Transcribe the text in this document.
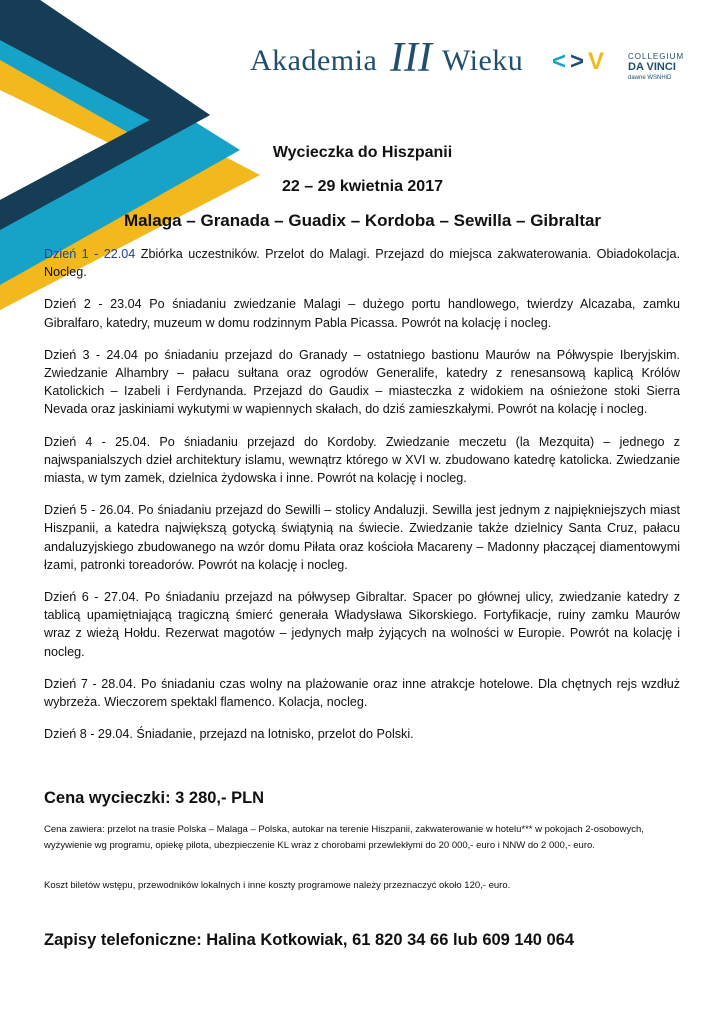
Akademia III Wieku <>V COLLEGIUM
DA VINCI
dawne WSNHiD
Wycieczka do Hiszpanii
22 – 29 kwietnia 2017
Malaga – Granada – Guadix – Kordoba – Sewilla – Gibraltar

Dzień 1 - 22.04 Zbiórka uczestników. Przelot do Malagi. Przejazd do miejsca zakwaterowania. Obiadokolacja. Nocleg.

Dzień 2 - 23.04 Po śniadaniu zwiedzanie Malagi – dużego portu handlowego, twierdzy Alcazaba, zamku Gibralfaro, katedry, muzeum w domu rodzinnym Pabla Picassa. Powrót na kolację i nocleg.

Dzień 3 - 24.04 po śniadaniu przejazd do Granady – ostatniego bastionu Maurów na Półwyspie Iberyjskim. Zwiedzanie Alhambry – pałacu sułtana oraz ogrodów Generalife, katedry z renesansową kaplicą Królów Katolickich – Izabeli i Ferdynanda. Przejazd do Gaudix – miasteczka z widokiem na ośnieżone stoki Sierra Nevada oraz jaskiniami wykutymi w wapiennych skałach, do dziś zamieszkałymi. Powrót na kolację i nocleg.

Dzień 4 - 25.04. Po śniadaniu przejazd do Kordoby. Zwiedzanie meczetu (la Mezquita) – jednego z najwspanialszych dzieł architektury islamu, wewnątrz którego w XVI w. zbudowano katedrę katolicka. Zwiedzanie miasta, w tym zamek, dzielnica żydowska i inne. Powrót na kolację i nocleg.

Dzień 5 - 26.04. Po śniadaniu przejazd do Sewilli – stolicy Andaluzji. Sewilla jest jednym z najpiękniejszych miast Hiszpanii, a katedra największą gotycką świątynią na świecie. Zwiedzanie także dzielnicy Santa Cruz, pałacu andaluzyjskiego zbudowanego na wzór domu Piłata oraz kościoła Macareny – Madonny płaczącej diamentowymi łzami, patronki toreadorów. Powrót na kolację i nocleg.

Dzień 6 - 27.04. Po śniadaniu przejazd na półwysep Gibraltar. Spacer po głównej ulicy, zwiedzanie katedry z tablicą upamiętniającą tragiczną śmierć generała Władysława Sikorskiego. Fortyfikacje, ruiny zamku Maurów wraz z wieżą Hołdu. Rezerwat magotów – jedynych małp żyjących na wolności w Europie. Powrót na kolację i nocleg.

Dzień 7 - 28.04. Po śniadaniu czas wolny na plażowanie oraz inne atrakcje hotelowe. Dla chętnych rejs wzdłuż wybrzeża. Wieczorem spektakl flamenco. Kolacja, nocleg.

Dzień 8 - 29.04. Śniadanie, przejazd na lotnisko, przelot do Polski.

Cena wycieczki: 3 280,- PLN
Cena zawiera: przelot na trasie Polska – Malaga – Polska, autokar na terenie Hiszpanii, zakwaterowanie w hotelu*** w pokojach 2-osobowych, wyżywienie wg programu, opiekę pilota, ubezpieczenie KL wraz z chorobami przewlekłymi do 20 000,- euro i NNW do 2 000,- euro.
Koszt biletów wstępu, przewodników lokalnych i inne koszty programowe należy przeznaczyć około 120,- euro.
Zapisy telefoniczne: Halina Kotkowiak, 61 820 34 66 lub 609 140 064
